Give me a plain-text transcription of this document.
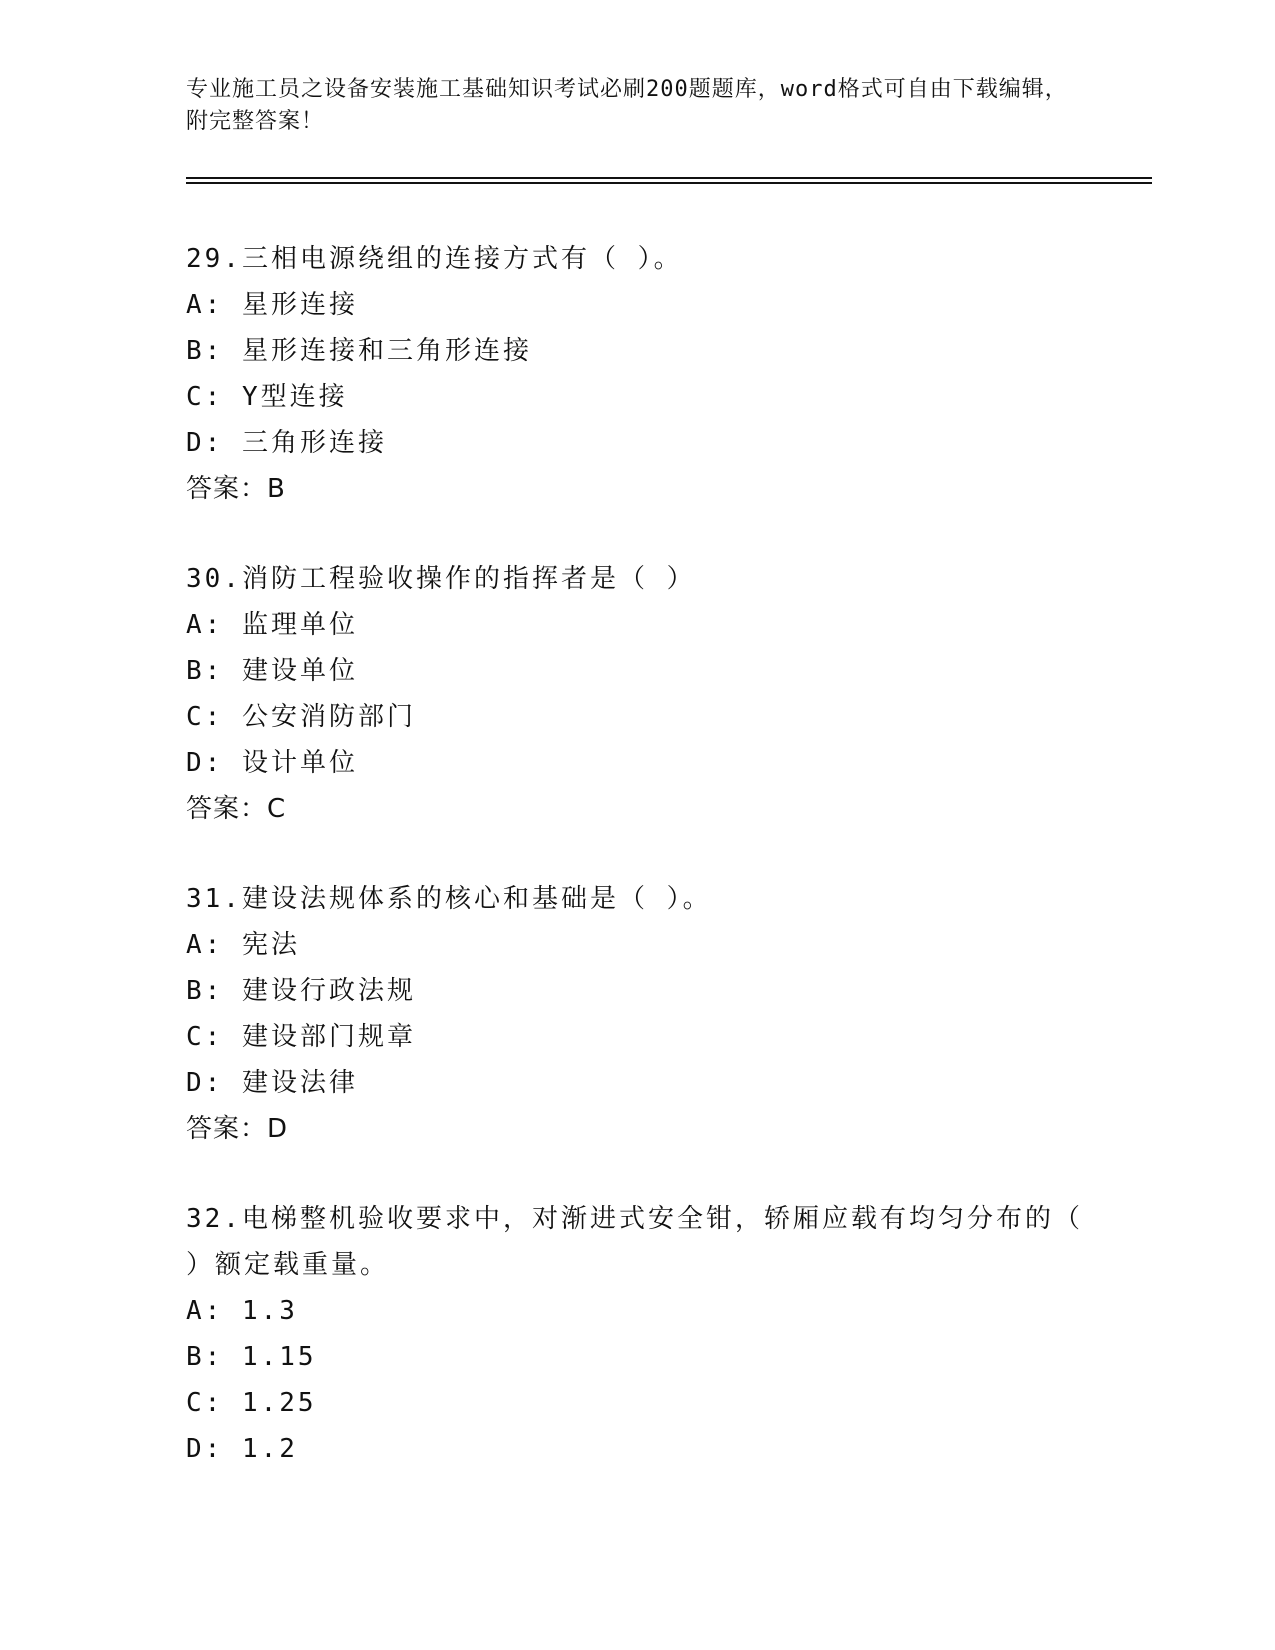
专业施工员之设备安装施工基础知识考试必刷200题题库，word格式可自由下载编辑，附完整答案！
29.三相电源绕组的连接方式有（ ）。
A: 星形连接
B: 星形连接和三角形连接
C: Y型连接
D: 三角形连接
答案：B
30.消防工程验收操作的指挥者是（ ）
A: 监理单位
B: 建设单位
C: 公安消防部门
D: 设计单位
答案：C
31.建设法规体系的核心和基础是（ ）。
A: 宪法
B: 建设行政法规
C: 建设部门规章
D: 建设法律
答案：D
32.电梯整机验收要求中，对渐进式安全钳，轿厢应载有均匀分布的（ ）额定载重量。
A: 1.3
B: 1.15
C: 1.25
D: 1.2
